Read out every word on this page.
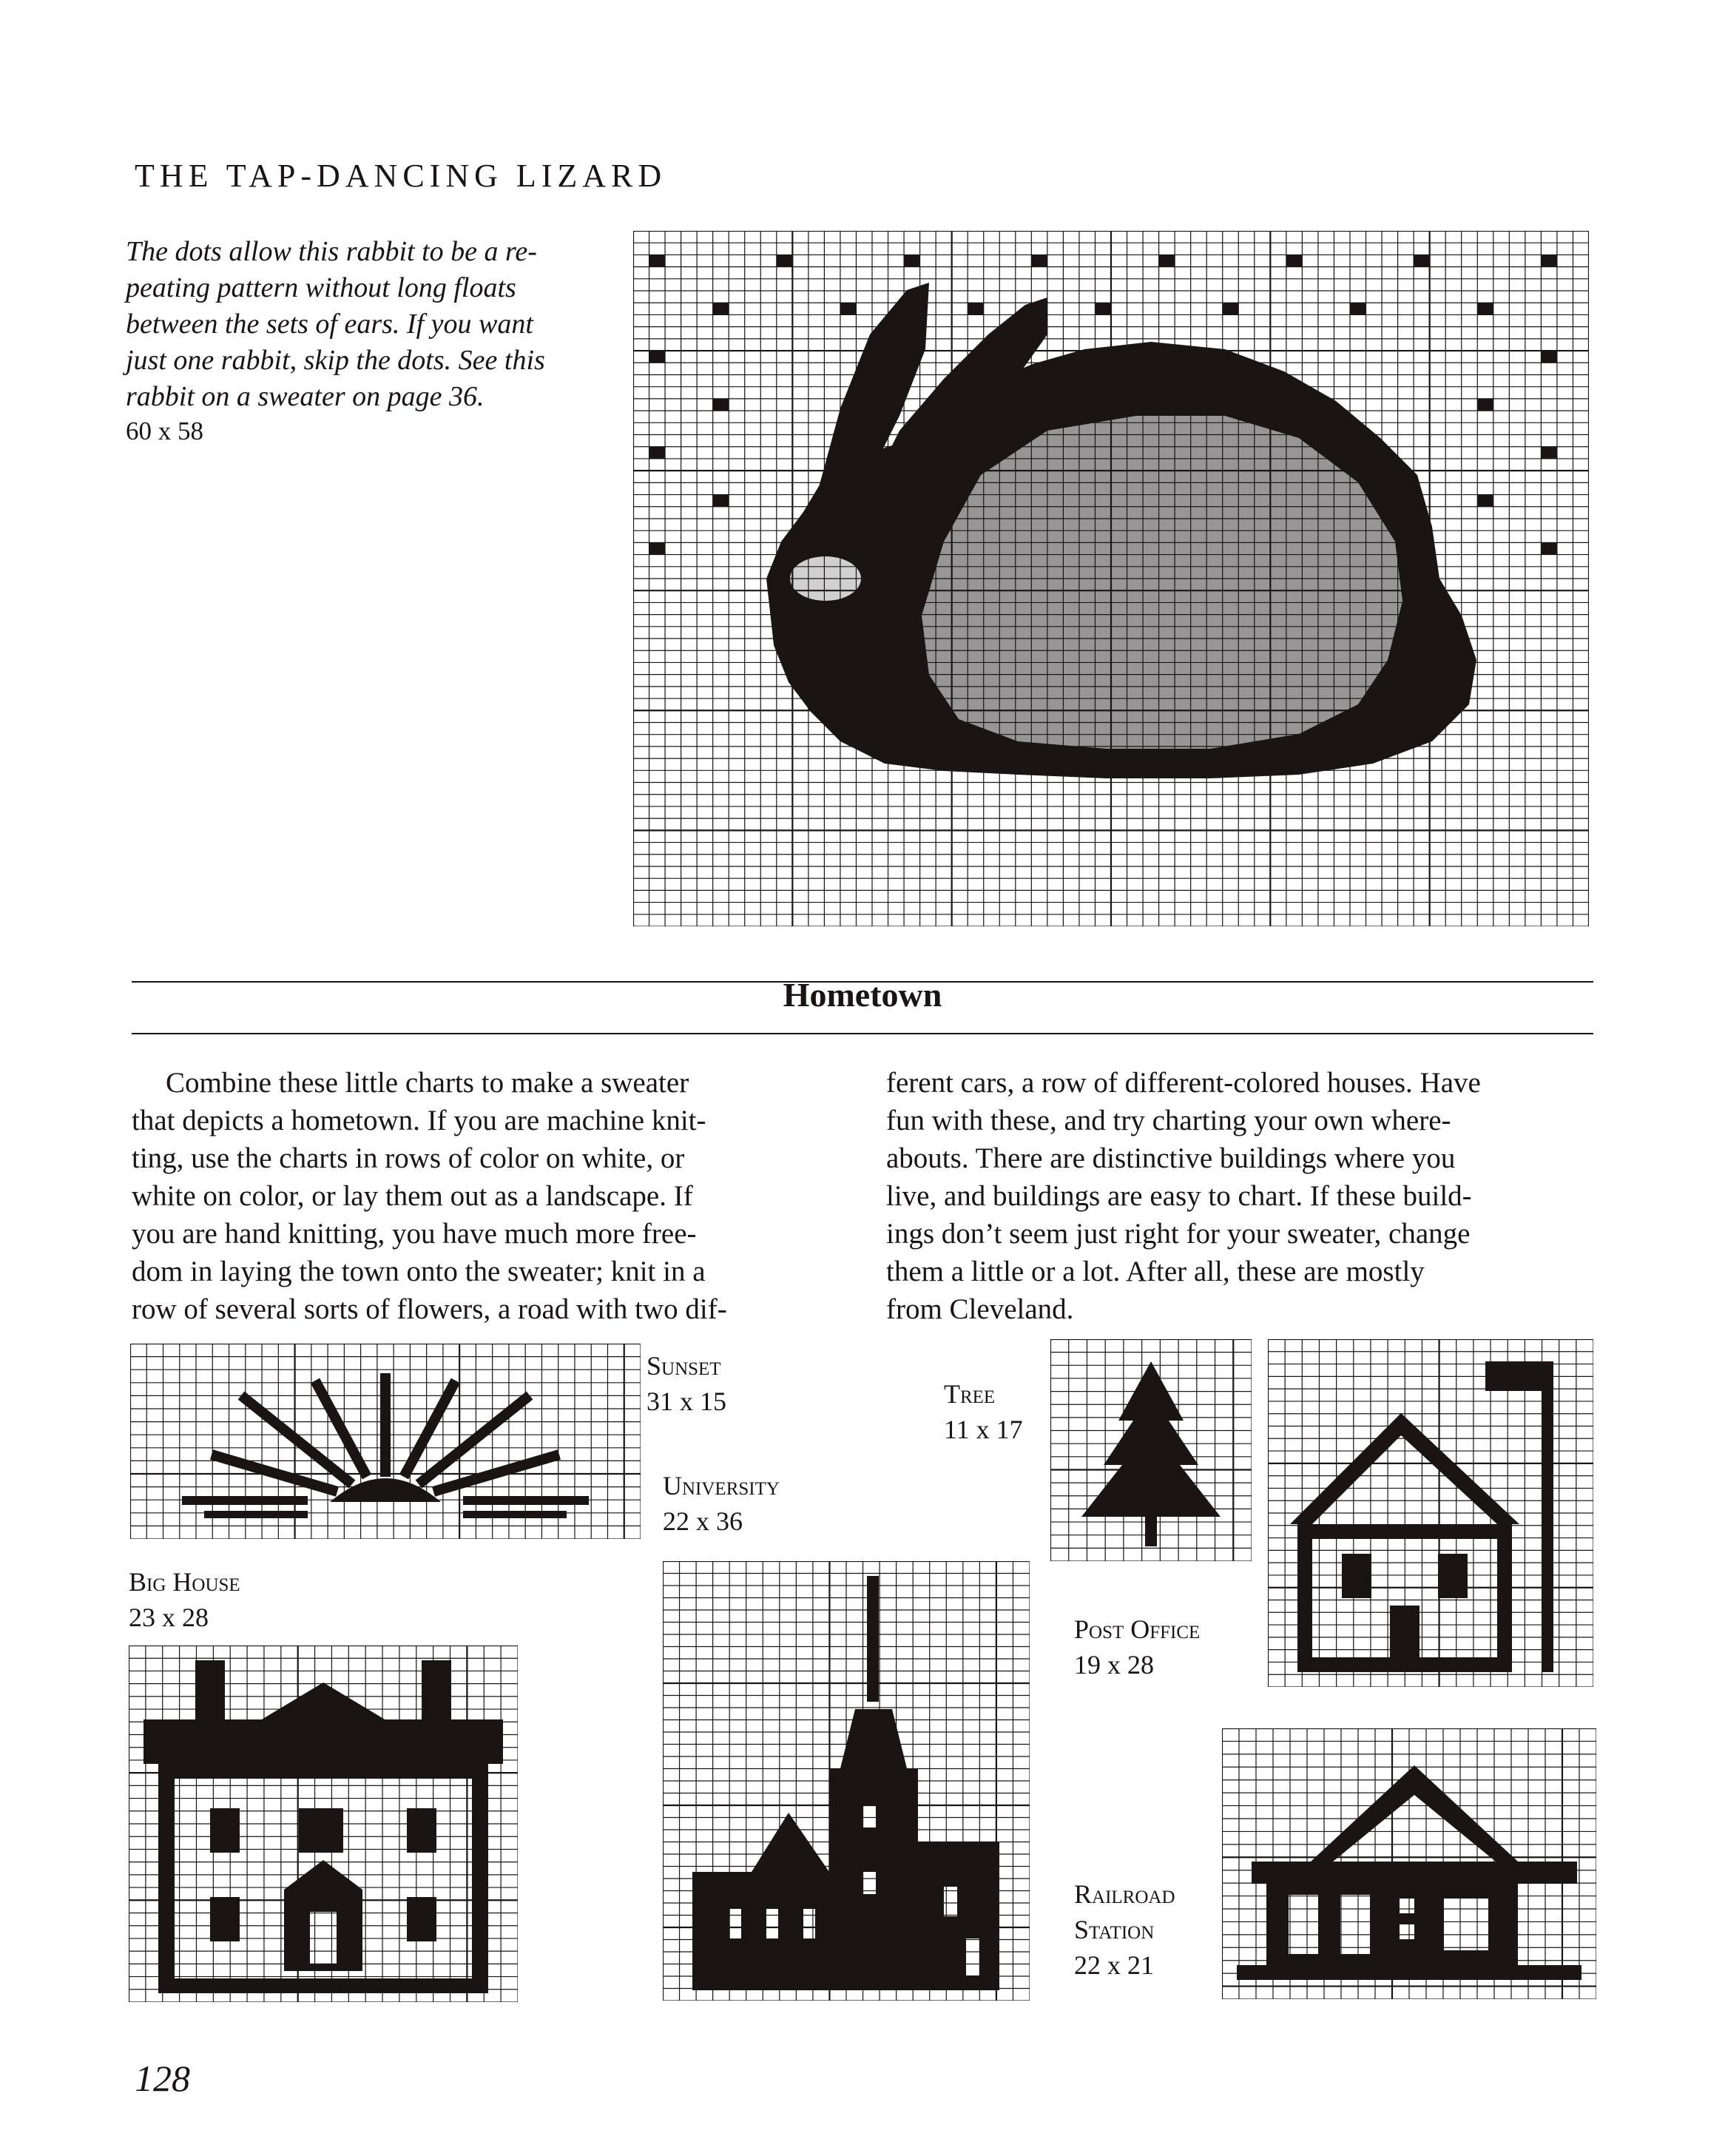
THE TAP-DANCING LIZARD
The dots allow this rabbit to be a re-
peating pattern without long floats
between the sets of ears. If you want
just one rabbit, skip the dots. See this
rabbit on a sweater on page 36.
60 x 58
Hometown
Combine these little charts to make a sweater
that depicts a hometown. If you are machine knit-
ting, use the charts in rows of color on white, or
white on color, or lay them out as a landscape. If
you are hand knitting, you have much more free-
dom in laying the town onto the sweater; knit in a
row of several sorts of flowers, a road with two dif-
ferent cars, a row of different-colored houses. Have
fun with these, and try charting your own where-
abouts. There are distinctive buildings where you
live, and buildings are easy to chart. If these build-
ings don’t seem just right for your sweater, change
them a little or a lot. After all, these are mostly
from Cleveland.
Sunset
31 x 15
University
22 x 36
Tree
11 x 17
Post Office
19 x 28
Big House
23 x 28
Railroad
Station
22 x 21
128
